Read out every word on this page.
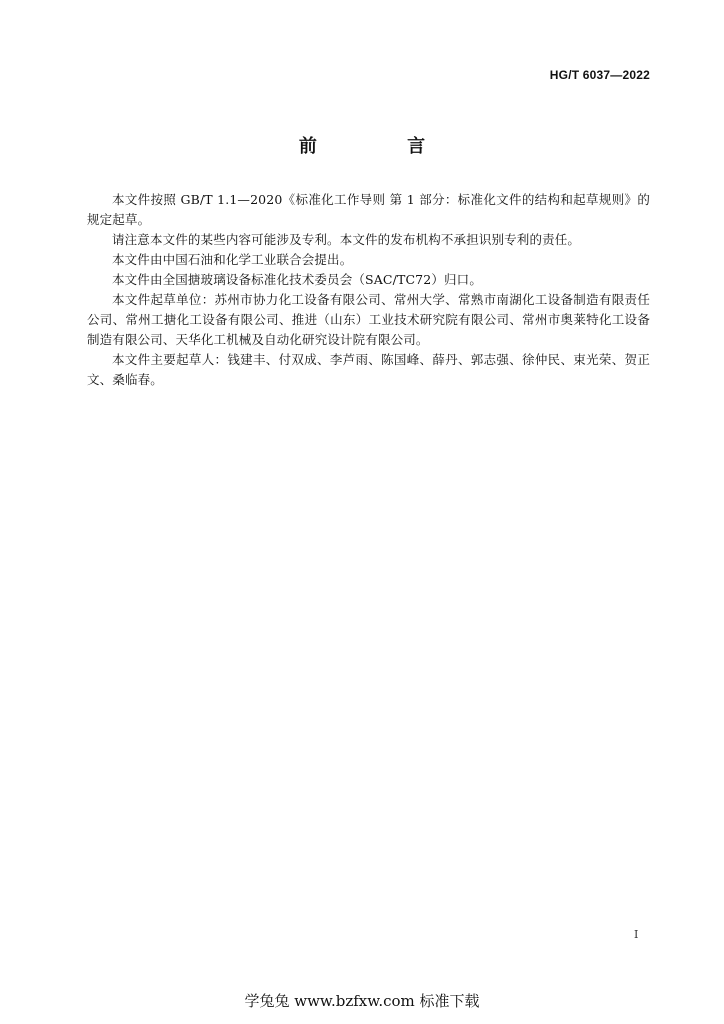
HG/T 6037—2022
前 言

本文件按照 GB/T 1.1—2020《标准化工作导则 第 1 部分：标准化文件的结构和起草规则》的规定起草。

请注意本文件的某些内容可能涉及专利。本文件的发布机构不承担识别专利的责任。

本文件由中国石油和化学工业联合会提出。

本文件由全国搪玻璃设备标准化技术委员会（SAC/TC72）归口。

本文件起草单位：苏州市协力化工设备有限公司、常州大学、常熟市南湖化工设备制造有限责任公司、常州工搪化工设备有限公司、推进（山东）工业技术研究院有限公司、常州市奥莱特化工设备制造有限公司、天华化工机械及自动化研究设计院有限公司。

本文件主要起草人：钱建丰、付双成、李芦雨、陈国峰、薛丹、郭志强、徐仲民、束光荣、贺正文、桑临春。

I
学兔兔 www.bzfxw.com 标准下载
